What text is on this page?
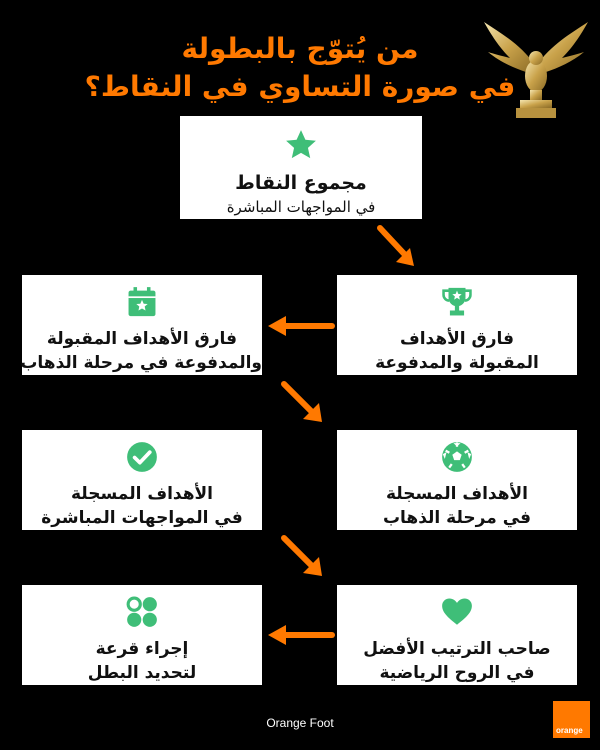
من يُتوّج بالبطولة
في صورة التساوي في النقاط؟
مجموع النقاط
في المواجهات المباشرة
فارق الأهداف
المقبولة والمدفوعة
فارق الأهداف المقبولة
والمدفوعة في مرحلة الذهاب
الأهداف المسجلة
في مرحلة الذهاب
الأهداف المسجلة
في المواجهات المباشرة
صاحب الترتيب الأفضل
في الروح الرياضية
إجراء قرعة
لتحديد البطل
Orange Foot
orange
